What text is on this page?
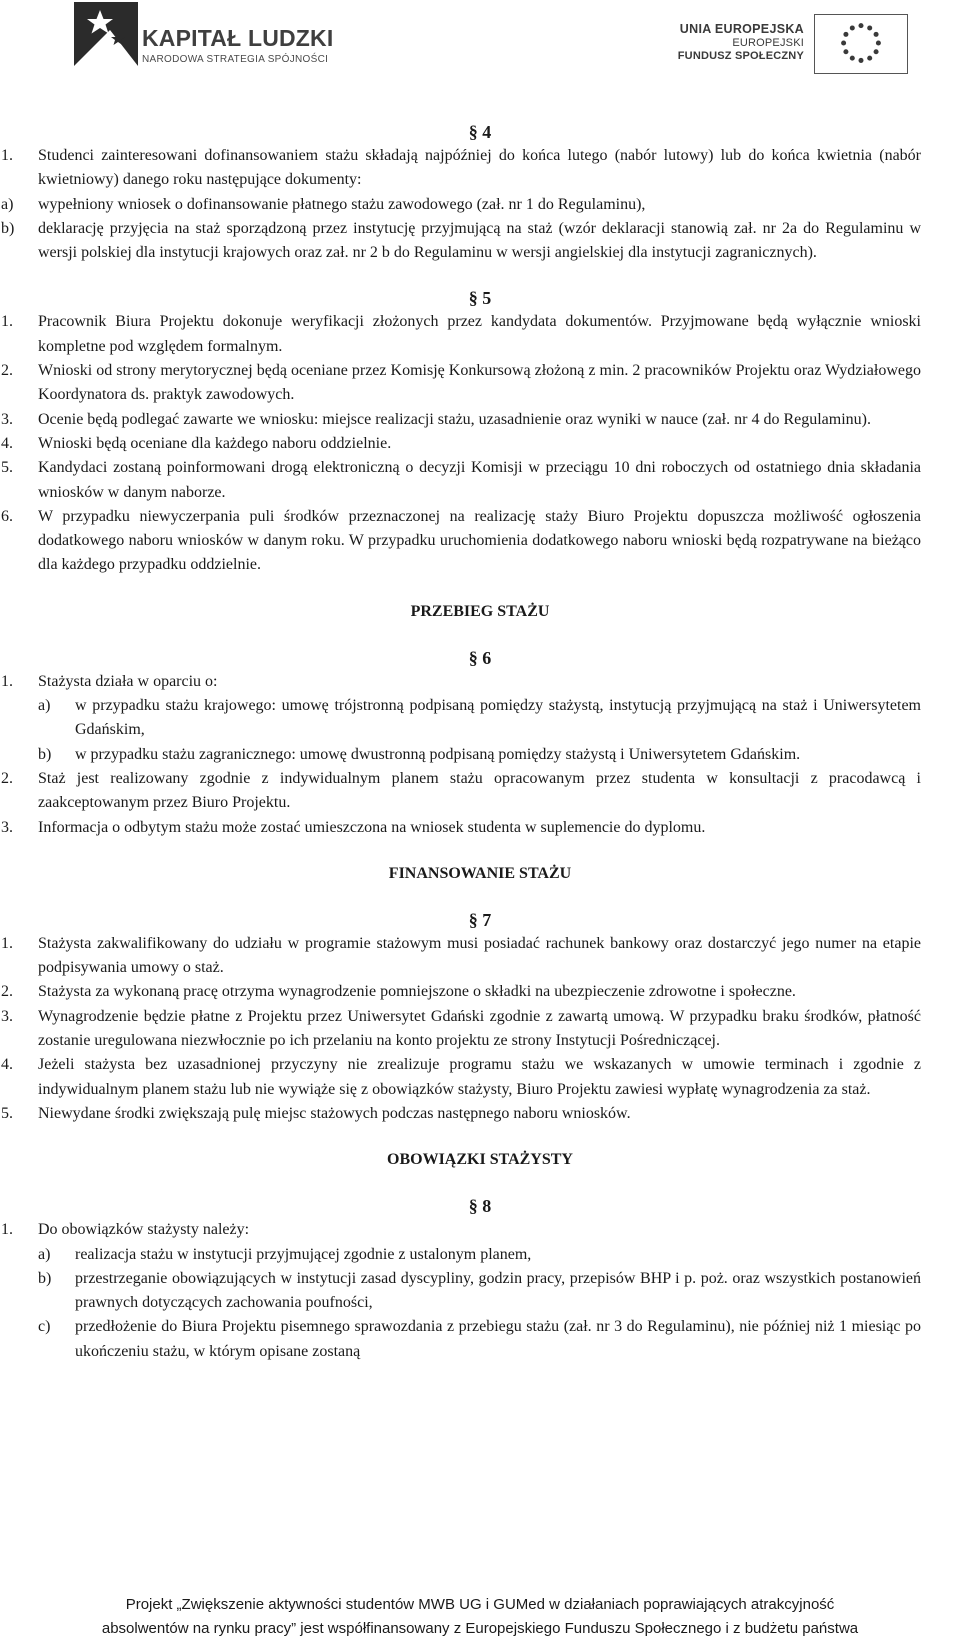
KAPITAŁ LUDZKI
NARODOWA STRATEGIA SPÓJNOŚCI
UNIA EUROPEJSKA
EUROPEJSKI
FUNDUSZ SPOŁECZNY
§ 4
1. Studenci zainteresowani dofinansowaniem stażu składają najpóźniej do końca lutego (nabór lutowy) lub do końca kwietnia (nabór kwietniowy) danego roku następujące dokumenty:
a) wypełniony wniosek o dofinansowanie płatnego stażu zawodowego (zał. nr 1 do Regulaminu),
b) deklarację przyjęcia na staż sporządzoną przez instytucję przyjmującą na staż (wzór deklaracji stanowią zał. nr 2a do Regulaminu w wersji polskiej dla instytucji krajowych oraz zał. nr 2 b do Regulaminu w wersji angielskiej dla instytucji zagranicznych).
§ 5
1. Pracownik Biura Projektu dokonuje weryfikacji złożonych przez kandydata dokumentów. Przyjmowane będą wyłącznie wnioski kompletne pod względem formalnym.
2. Wnioski od strony merytorycznej będą oceniane przez Komisję Konkursową złożoną z min. 2 pracowników Projektu oraz Wydziałowego Koordynatora ds. praktyk zawodowych.
3. Ocenie będą podlegać zawarte we wniosku: miejsce realizacji stażu, uzasadnienie oraz wyniki w nauce (zał. nr 4 do Regulaminu).
4. Wnioski będą oceniane dla każdego naboru oddzielnie.
5. Kandydaci zostaną poinformowani drogą elektroniczną o decyzji Komisji w przeciągu 10 dni roboczych od ostatniego dnia składania wniosków w danym naborze.
6. W przypadku niewyczerpania puli środków przeznaczonej na realizację staży Biuro Projektu dopuszcza możliwość ogłoszenia dodatkowego naboru wniosków w danym roku. W przypadku uruchomienia dodatkowego naboru wnioski będą rozpatrywane na bieżąco dla każdego przypadku oddzielnie.
PRZEBIEG STAŻU
§ 6
1. Stażysta działa w oparciu o:
a) w przypadku stażu krajowego: umowę trójstronną podpisaną pomiędzy stażystą, instytucją przyjmującą na staż i Uniwersytetem Gdańskim,
b) w przypadku stażu zagranicznego: umowę dwustronną podpisaną pomiędzy stażystą i Uniwersytetem Gdańskim.
2. Staż jest realizowany zgodnie z indywidualnym planem stażu opracowanym przez studenta w konsultacji z pracodawcą i zaakceptowanym przez Biuro Projektu.
3. Informacja o odbytym stażu może zostać umieszczona na wniosek studenta w suplemencie do dyplomu.
FINANSOWANIE STAŻU
§ 7
1. Stażysta zakwalifikowany do udziału w programie stażowym musi posiadać rachunek bankowy oraz dostarczyć jego numer na etapie podpisywania umowy o staż.
2. Stażysta za wykonaną pracę otrzyma wynagrodzenie pomniejszone o składki na ubezpieczenie zdrowotne i społeczne.
3. Wynagrodzenie będzie płatne z Projektu przez Uniwersytet Gdański zgodnie z zawartą umową. W przypadku braku środków, płatność zostanie uregulowana niezwłocznie po ich przelaniu na konto projektu ze strony Instytucji Pośredniczącej.
4. Jeżeli stażysta bez uzasadnionej przyczyny nie zrealizuje programu stażu we wskazanych w umowie terminach i zgodnie z indywidualnym planem stażu lub nie wywiąże się z obowiązków stażysty, Biuro Projektu zawiesi wypłatę wynagrodzenia za staż.
5. Niewydane środki zwiększają pulę miejsc stażowych podczas następnego naboru wniosków.
OBOWIĄZKI STAŻYSTY
§ 8
1. Do obowiązków stażysty należy:
a) realizacja stażu w instytucji przyjmującej zgodnie z ustalonym planem,
b) przestrzeganie obowiązujących w instytucji zasad dyscypliny, godzin pracy, przepisów BHP i p. poż. oraz wszystkich postanowień prawnych dotyczących zachowania poufności,
c) przedłożenie do Biura Projektu pisemnego sprawozdania z przebiegu stażu (zał. nr 3 do Regulaminu), nie później niż 1 miesiąc po ukończeniu stażu, w którym opisane zostaną
Projekt „Zwiększenie aktywności studentów MWB UG i GUMed w działaniach poprawiających atrakcyjność
absolwentów na rynku pracy” jest współfinansowany z Europejskiego Funduszu Społecznego i z budżetu państwa
